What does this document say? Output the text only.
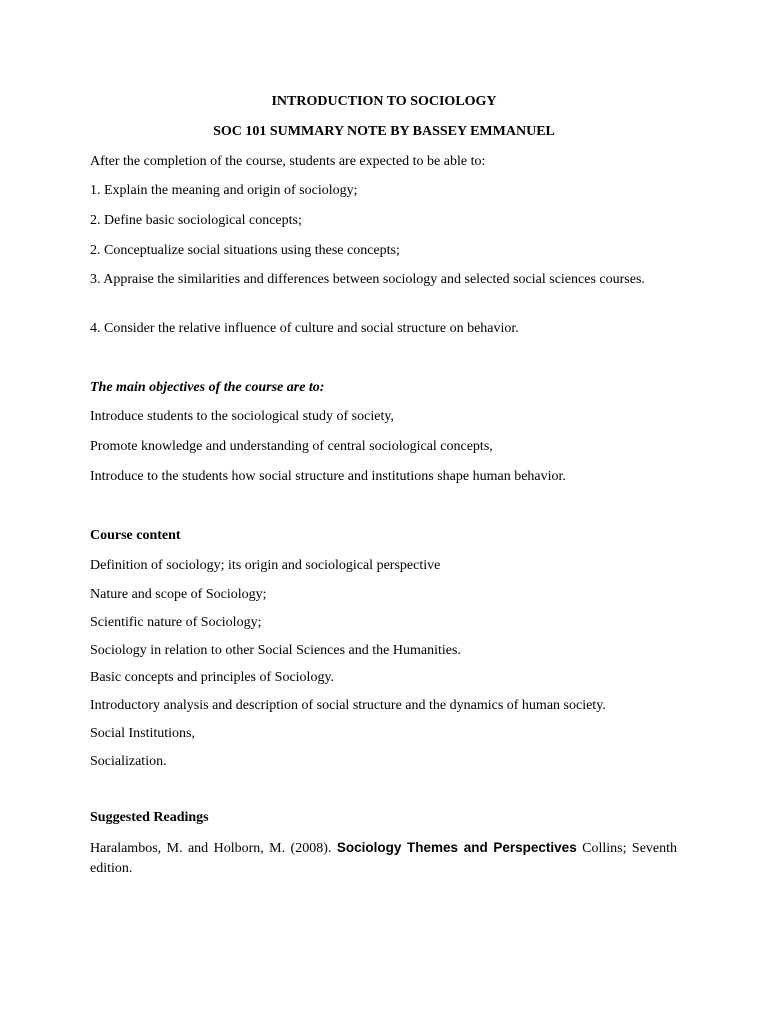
INTRODUCTION TO SOCIOLOGY
SOC 101 SUMMARY NOTE BY BASSEY EMMANUEL
After the completion of the course, students are expected to be able to:
1. Explain the meaning and origin of sociology;
2. Define basic sociological concepts;
2. Conceptualize social situations using these concepts;
3. Appraise the similarities and differences between sociology and selected social sciences courses.
4. Consider the relative influence of culture and social structure on behavior.
The main objectives of the course are to:
Introduce students to the sociological study of society,
Promote knowledge and understanding of central sociological concepts,
Introduce to the students how social structure and institutions shape human behavior.
Course content
Definition of sociology; its origin and sociological perspective
Nature and scope of Sociology;
Scientific nature of Sociology;
Sociology in relation to other Social Sciences and the Humanities.
Basic concepts and principles of Sociology.
Introductory analysis and description of social structure and the dynamics of human society.
Social Institutions,
Socialization.
Suggested Readings
Haralambos, M. and Holborn, M. (2008). Sociology Themes and Perspectives Collins; Seventh edition.
